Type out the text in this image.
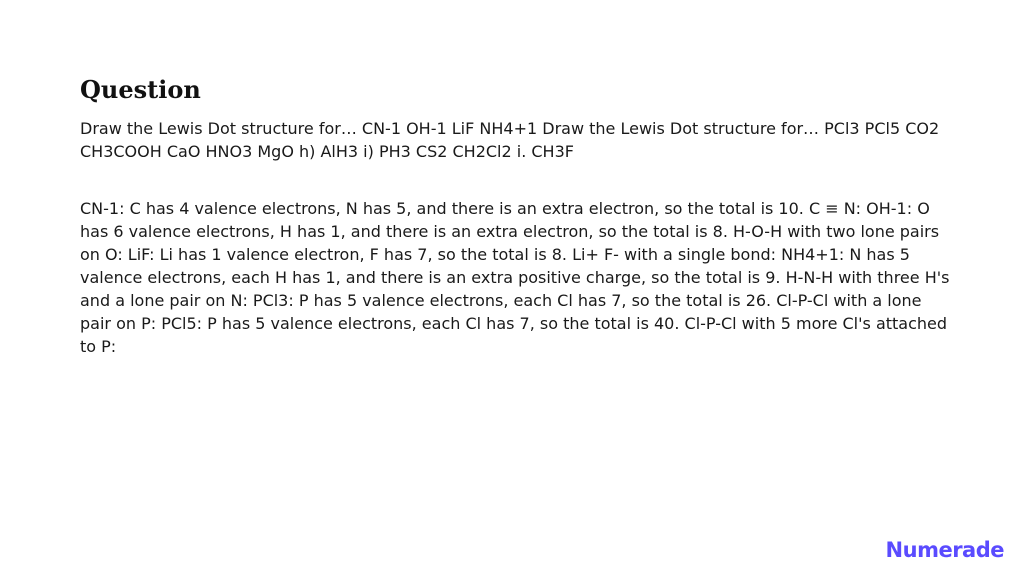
Question

Draw the Lewis Dot structure for… CN-1 OH-1 LiF NH4+1 Draw the Lewis Dot structure for… PCl3 PCl5 CO2 CH3COOH CaO HNO3 MgO h) AlH3 i) PH3 CS2 CH2Cl2 i. CH3F

CN-1: C has 4 valence electrons, N has 5, and there is an extra electron, so the total is 10. C ≡ N: OH-1: O has 6 valence electrons, H has 1, and there is an extra electron, so the total is 8. H-O-H with two lone pairs on O: LiF: Li has 1 valence electron, F has 7, so the total is 8. Li+ F- with a single bond: NH4+1: N has 5 valence electrons, each H has 1, and there is an extra positive charge, so the total is 9. H-N-H with three H's and a lone pair on N: PCl3: P has 5 valence electrons, each Cl has 7, so the total is 26. Cl-P-Cl with a lone pair on P: PCl5: P has 5 valence electrons, each Cl has 7, so the total is 40. Cl-P-Cl with 5 more Cl's attached to P:

Numerade
